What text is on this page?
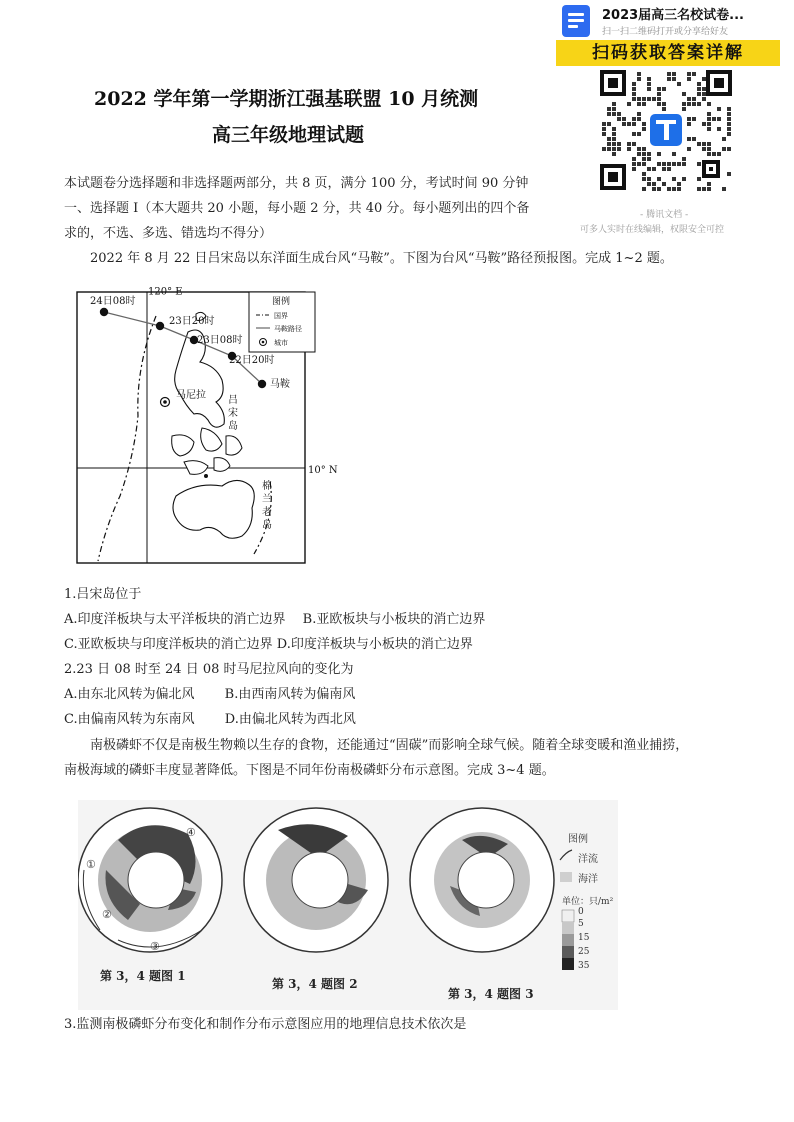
2023届高三名校试卷...
扫一扫二维码打开或分享给好友
扫码获取答案详解
- 腾讯文档 -
可多人实时在线编辑，权限安全可控
2022 学年第一学期浙江强基联盟 10 月统测
高三年级地理试题
本试题卷分选择题和非选择题两部分，共 8 页，满分 100 分，考试时间 90 分钟
一、选择题 I（本大题共 20 小题，每小题 2 分，共 40 分。每小题列出的四个备
求的，不选、多选、错选均不得分）
2022 年 8 月 22 日吕宋岛以东洋面生成台风“马鞍”。下图为台风“马鞍”路径预报图。完成 1~2 题。
120° E
10° N
24日08时
23日20时
23日08时
22日20时
马鞍
马尼拉 吕
宋
岛
棉
兰
老
岛
图例
国界
马鞍路径
城市
1.吕宋岛位于
A.印度洋板块与太平洋板块的消亡边界　 B.亚欧板块与小板块的消亡边界
C.亚欧板块与印度洋板块的消亡边界 D.印度洋板块与小板块的消亡边界
2.23 日 08 时至 24 日 08 时马尼拉风向的变化为
A.由东北风转为偏北风　　 B.由西南风转为偏南风
C.由偏南风转为东南风　　 D.由偏北风转为西北风
南极磷虾不仅是南极生物赖以生存的食物，还能通过“固碳”而影响全球气候。随着全球变暖和渔业捕捞，
南极海域的磷虾丰度显著降低。下图是不同年份南极磷虾分布示意图。完成 3~4 题。
①
②
③
④
图例
洋流
海洋
单位：只/m²
0
5
15
25
35
第 3，4 题图 1
第 3，4 题图 2
第 3，4 题图 3
3.监测南极磷虾分布变化和制作分布示意图应用的地理信息技术依次是
